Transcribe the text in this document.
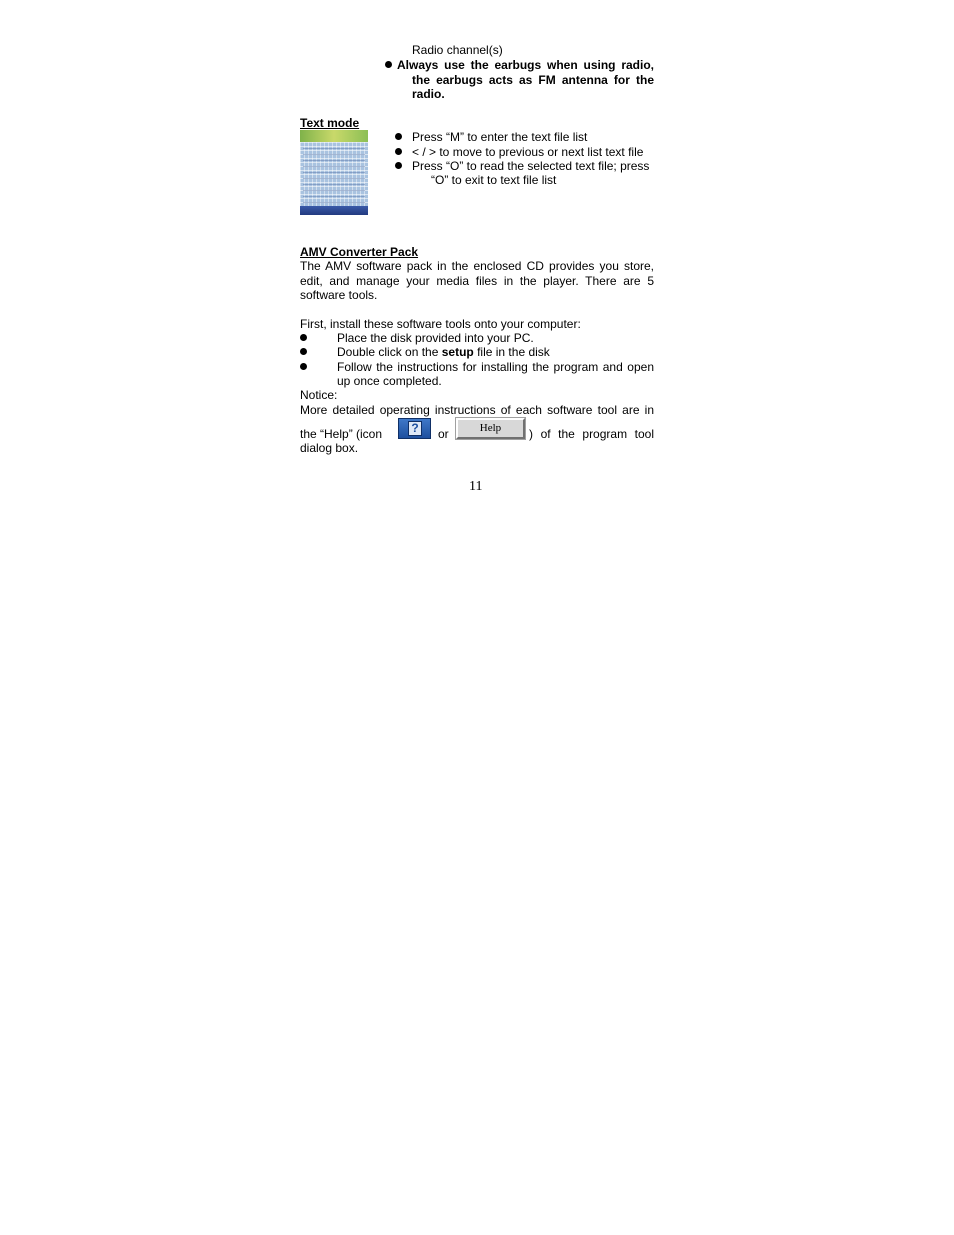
Radio channel(s)
Always use the earbugs when using radio,
the earbugs acts as FM antenna for the
radio.
Text mode
Press “M” to enter the text file list
< / > to move to previous or next list text file
Press “O” to read the selected text file; press
“O” to exit to text file list
AMV Converter Pack
The AMV software pack in the enclosed CD provides you store,
edit, and manage your media files in the player. There are 5
software tools.
First, install these software tools onto your computer:
Place the disk provided into your PC.
Double click on the setup file in the disk
Follow the instructions for installing the program and open
up once completed.
Notice:
More detailed operating instructions of each software tool are in
the “Help” (icon ? or	Help	) of the program tool
dialog box.
11
